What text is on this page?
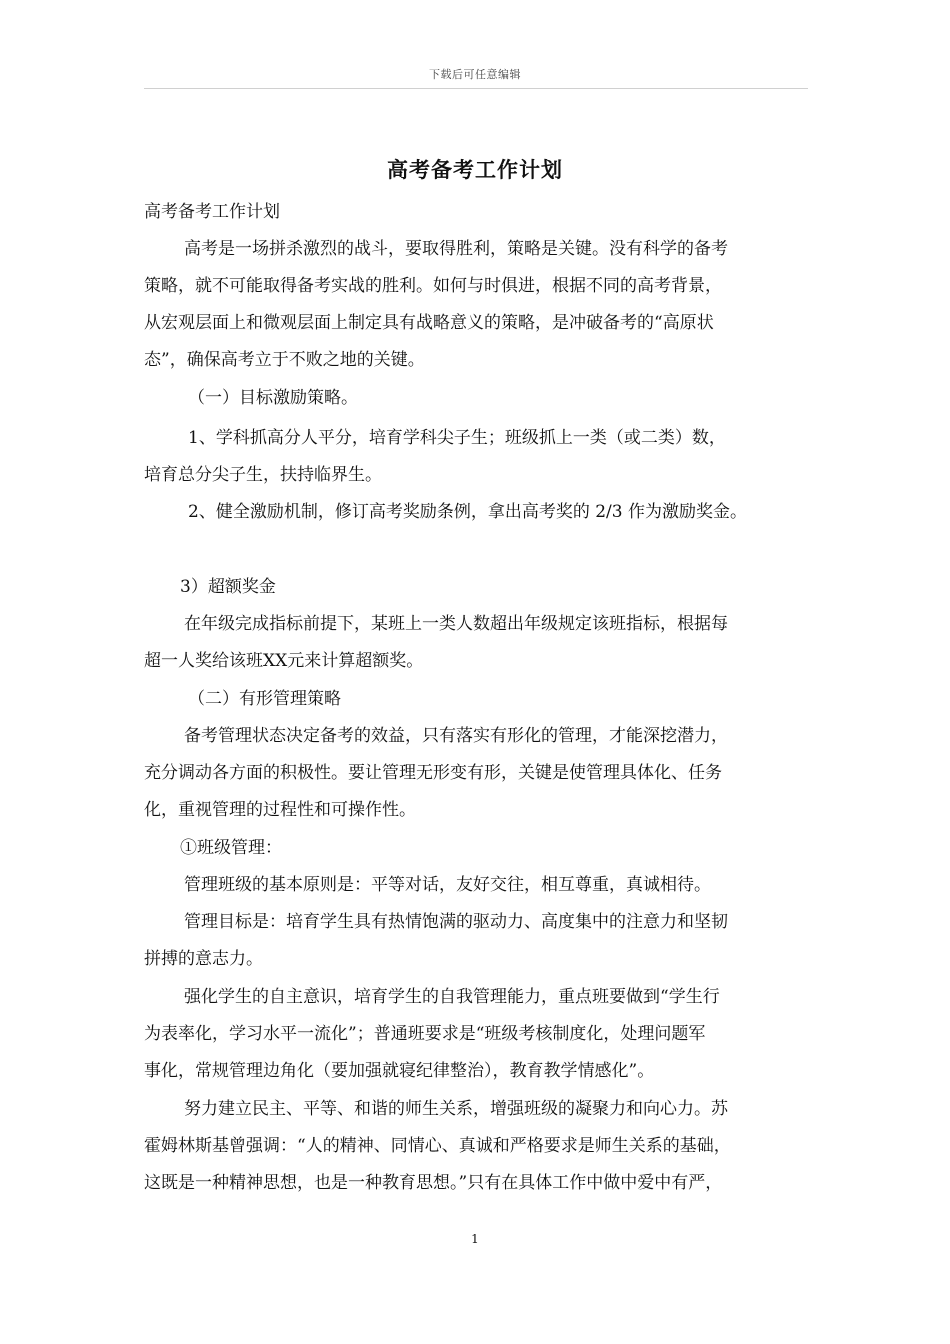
下载后可任意编辑
高考备考工作计划
高考备考工作计划
高考是一场拼杀激烈的战斗，要取得胜利，策略是关键。没有科学的备考
策略，就不可能取得备考实战的胜利。如何与时俱进，根据不同的高考背景，
从宏观层面上和微观层面上制定具有战略意义的策略，是冲破备考的“高原状
态”，确保高考立于不败之地的关键。
（一）目标激励策略。
1、学科抓高分人平分，培育学科尖子生；班级抓上一类（或二类）数，
培育总分尖子生，扶持临界生。
2、健全激励机制，修订高考奖励条例，拿出高考奖的 2/3 作为激励奖金。
3）超额奖金
在年级完成指标前提下，某班上一类人数超出年级规定该班指标，根据每
超一人奖给该班XX元来计算超额奖。
（二）有形管理策略
备考管理状态决定备考的效益，只有落实有形化的管理，才能深挖潜力，
充分调动各方面的积极性。要让管理无形变有形，关键是使管理具体化、任务
化，重视管理的过程性和可操作性。
①班级管理：
管理班级的基本原则是：平等对话，友好交往，相互尊重，真诚相待。
管理目标是：培育学生具有热情饱满的驱动力、高度集中的注意力和坚韧
拼搏的意志力。
强化学生的自主意识，培育学生的自我管理能力，重点班要做到“学生行
为表率化，学习水平一流化”；普通班要求是“班级考核制度化，处理问题军
事化，常规管理边角化（要加强就寝纪律整治），教育教学情感化”。
努力建立民主、平等、和谐的师生关系，增强班级的凝聚力和向心力。苏
霍姆林斯基曾强调：“人的精神、同情心、真诚和严格要求是师生关系的基础，
这既是一种精神思想，也是一种教育思想。”只有在具体工作中做中爱中有严，
1
